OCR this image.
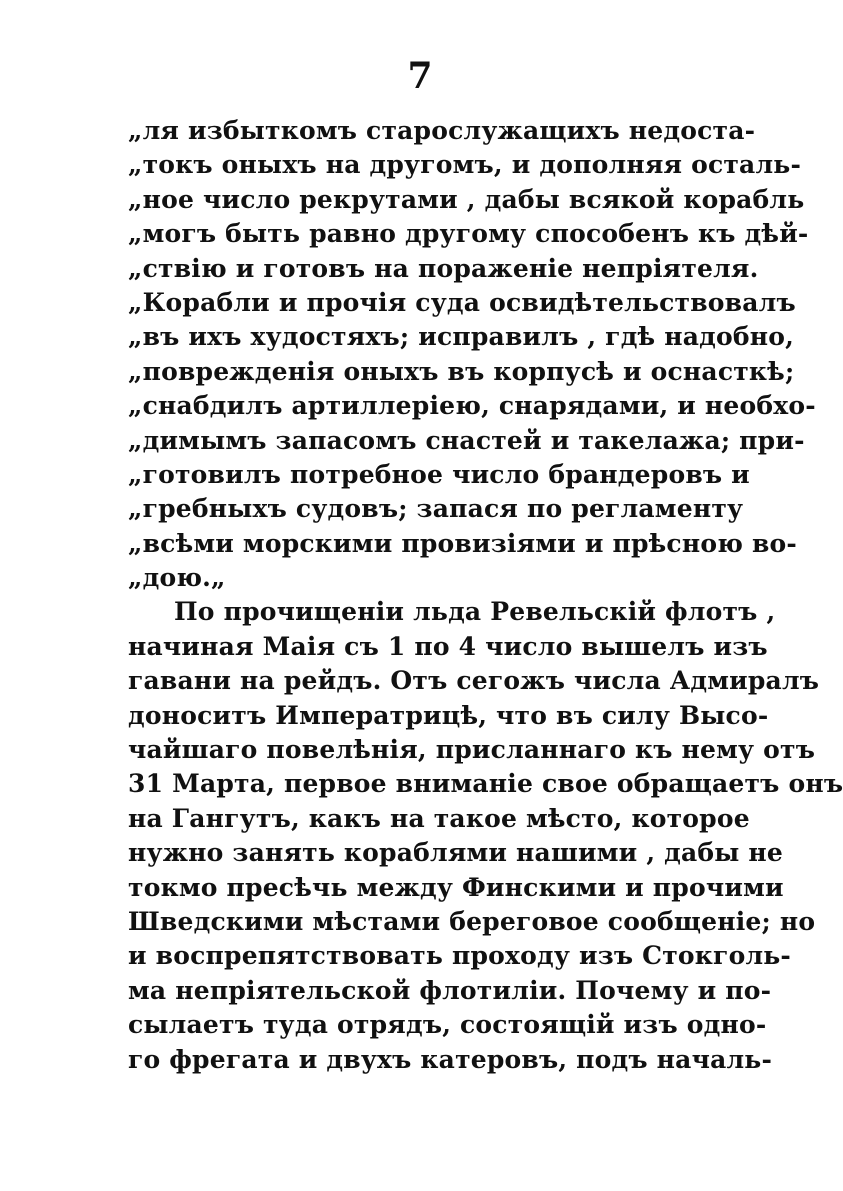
7
„ля избыткомъ старослужащихъ недоста-
„токъ оныхъ на другомъ, и дополняя осталь-
„ное число рекрутами , дабы всякой корабль
„могъ быть равно другому способенъ къ дѣй-
„ствію и готовъ на пораженіе непріятеля.
„Корабли и прочія суда освидѣтельствовалъ
„въ ихъ худостяхъ; исправилъ , гдѣ надобно,
„поврежденія оныхъ въ корпусѣ и оснасткѣ;
„снабдилъ артиллеріею, снарядами, и необхо-
„димымъ запасомъ снастей и такелажа; при-
„готовилъ потребное число брандеровъ и
„гребныхъ судовъ; запася по регламенту
„всѣми морскими провизіями и прѣсною во-
„дою.„
По прочищеніи льда Ревельскій флотъ ,
начиная Маія съ 1 по 4 число вышелъ изъ
гавани на рейдъ. Отъ сегожъ числа Адмиралъ
доноситъ Императрицѣ, что въ силу Высо-
чайшаго повелѣнія, присланнаго къ нему отъ
31 Марта, первое вниманіе свое обращаетъ онъ
на Гангутъ, какъ на такое мѣсто, которое
нужно занять кораблями нашими , дабы не
токмо пресѣчь между Финскими и прочими
Шведскими мѣстами береговое сообщеніе; но
и воспрепятствовать проходу изъ Стокголь-
ма непріятельской флотиліи. Почему и по-
сылаетъ туда отрядъ, состоящій изъ одно-
го фрегата и двухъ катеровъ, подъ началь-
